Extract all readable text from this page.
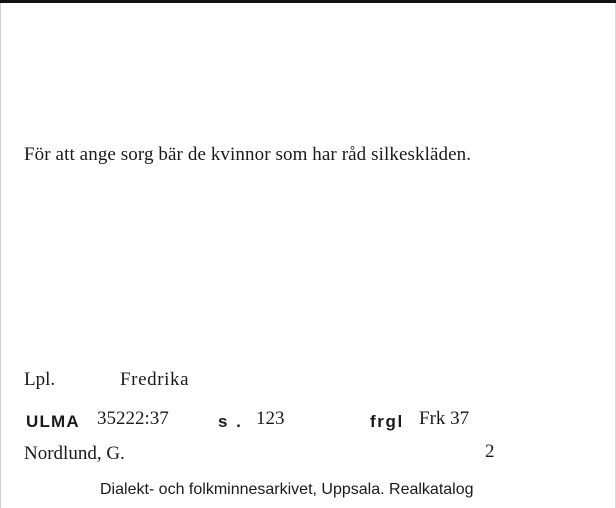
För att ange sorg bär de kvinnor som har råd silkeskläden.
Lpl.	Fredrika
ULMA 35222:37	s . 123	frgl Frk 37
Nordlund, G.	2
Dialekt- och folkminnesarkivet, Uppsala. Realkatalog
